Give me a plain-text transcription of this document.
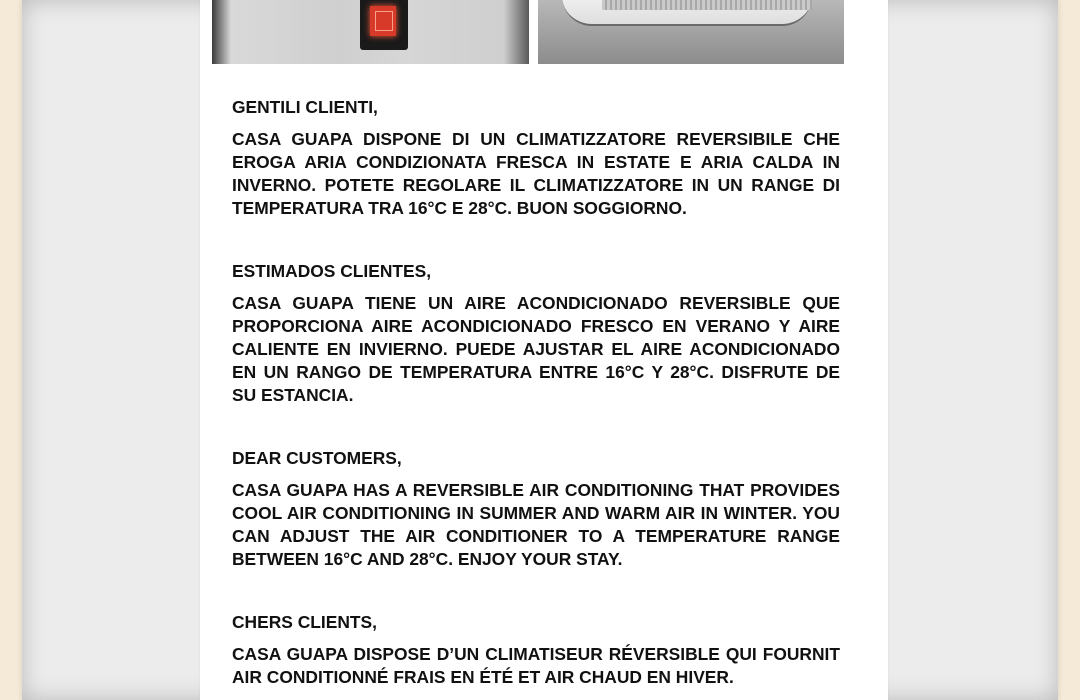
GENTILI CLIENTI,

CASA GUAPA DISPONE DI UN CLIMATIZZATORE REVERSIBILE CHE EROGA ARIA CONDIZIONATA FRESCA IN ESTATE E ARIA CALDA IN INVERNO. POTETE REGOLARE IL CLIMATIZZATORE IN UN RANGE DI TEMPERATURA TRA 16°C E 28°C. BUON SOGGIORNO.

ESTIMADOS CLIENTES,

CASA GUAPA TIENE UN AIRE ACONDICIONADO REVERSIBLE QUE PROPORCIONA AIRE ACONDICIONADO FRESCO EN VERANO Y AIRE CALIENTE EN INVIERNO. PUEDE AJUSTAR EL AIRE ACONDICIONADO EN UN RANGO DE TEMPERATURA ENTRE 16°C Y 28°C. DISFRUTE DE SU ESTANCIA.

DEAR CUSTOMERS,

CASA GUAPA HAS A REVERSIBLE AIR CONDITIONING THAT PROVIDES COOL AIR CONDITIONING IN SUMMER AND WARM AIR IN WINTER. YOU CAN ADJUST THE AIR CONDITIONER TO A TEMPERATURE RANGE BETWEEN 16°C AND 28°C. ENJOY YOUR STAY.

CHERS CLIENTS,

CASA GUAPA DISPOSE D’UN CLIMATISEUR RÉVERSIBLE QUI FOURNIT AIR CONDITIONNÉ FRAIS EN ÉTÉ ET AIR CHAUD EN HIVER.
